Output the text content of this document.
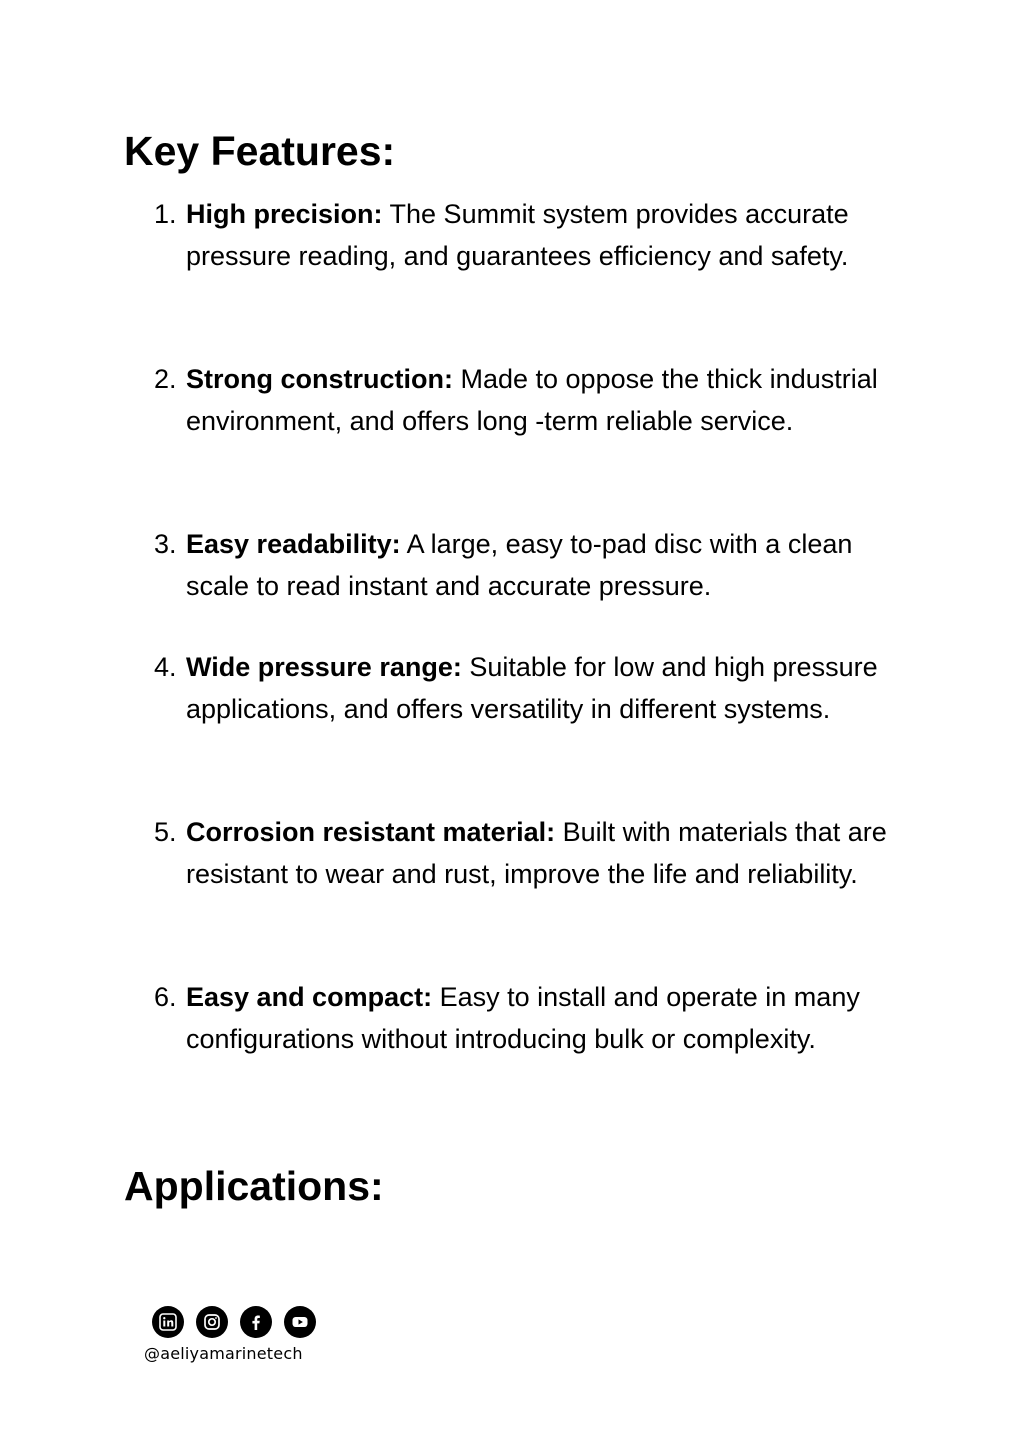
Key Features:
1. High precision: The Summit system provides accurate pressure reading, and guarantees efficiency and safety.
2. Strong construction: Made to oppose the thick industrial environment, and offers long -term reliable service.
3. Easy readability: A large, easy to-pad disc with a clean scale to read instant and accurate pressure.
4. Wide pressure range: Suitable for low and high pressure applications, and offers versatility in different systems.
5. Corrosion resistant material: Built with materials that are resistant to wear and rust, improve the life and reliability.
6. Easy and compact: Easy to install and operate in many configurations without introducing bulk or complexity.
Applications:
@aeliyamarinetech
